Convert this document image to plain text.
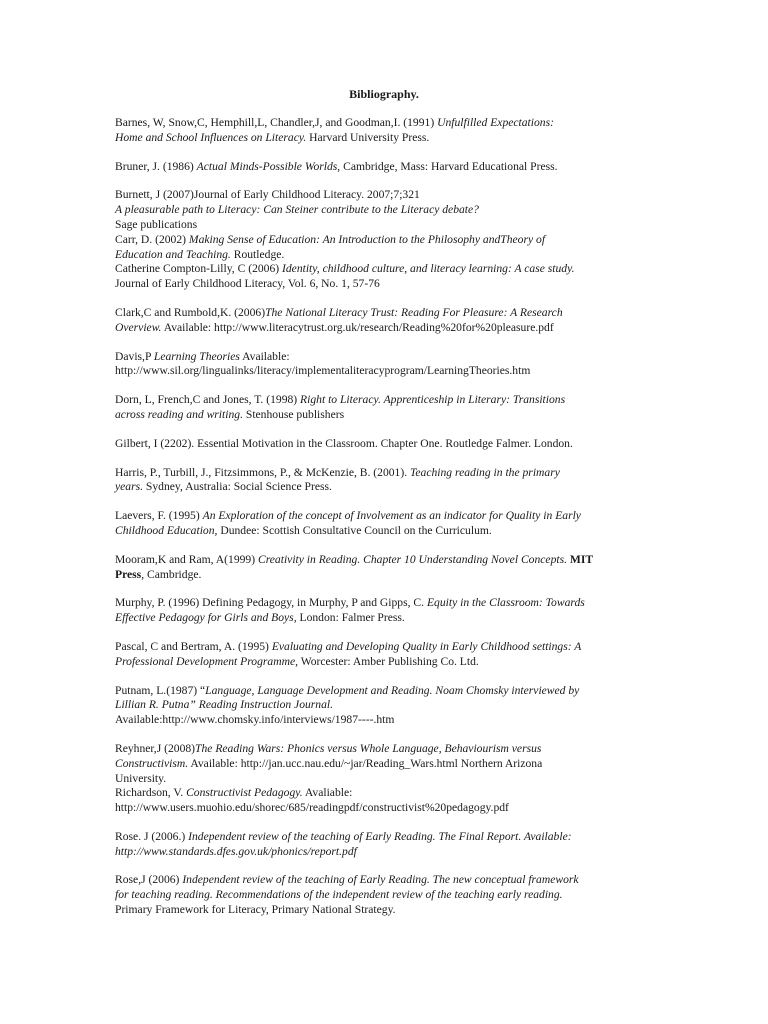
Bibliography.
Barnes, W, Snow,C, Hemphill,L, Chandler,J, and Goodman,I. (1991) Unfulfilled Expectations:
Home and School Influences on Literacy. Harvard University Press.
Bruner, J. (1986) Actual Minds-Possible Worlds, Cambridge, Mass: Harvard Educational Press.
Burnett, J (2007)Journal of Early Childhood Literacy. 2007;7;321
A pleasurable path to Literacy: Can Steiner contribute to the Literacy debate?
Sage publications
Carr, D. (2002) Making Sense of Education: An Introduction to the Philosophy andTheory of
Education and Teaching. Routledge.
Catherine Compton-Lilly, C (2006) Identity, childhood culture, and literacy learning: A case study.
Journal of Early Childhood Literacy, Vol. 6, No. 1, 57-76
Clark,C and Rumbold,K. (2006)The National Literacy Trust: Reading For Pleasure: A Research
Overview. Available: http://www.literacytrust.org.uk/research/Reading%20for%20pleasure.pdf
Davis,P Learning Theories Available:
http://www.sil.org/lingualinks/literacy/implementaliteracyprogram/LearningTheories.htm
Dorn, L, French,C and Jones, T. (1998) Right to Literacy. Apprenticeship in Literary: Transitions
across reading and writing. Stenhouse publishers
Gilbert, I (2202). Essential Motivation in the Classroom. Chapter One. Routledge Falmer. London.
Harris, P., Turbill, J., Fitzsimmons, P., & McKenzie, B. (2001). Teaching reading in the primary
years. Sydney, Australia: Social Science Press.
Laevers, F. (1995) An Exploration of the concept of Involvement as an indicator for Quality in Early
Childhood Education, Dundee: Scottish Consultative Council on the Curriculum.
Mooram,K and Ram, A(1999) Creativity in Reading. Chapter 10 Understanding Novel Concepts. MIT
Press, Cambridge.
Murphy, P. (1996) Defining Pedagogy, in Murphy, P and Gipps, C. Equity in the Classroom: Towards
Effective Pedagogy for Girls and Boys, London: Falmer Press.
Pascal, C and Bertram, A. (1995) Evaluating and Developing Quality in Early Childhood settings: A
Professional Development Programme, Worcester: Amber Publishing Co. Ltd.
Putnam, L.(1987) “Language, Language Development and Reading. Noam Chomsky interviewed by
Lillian R. Putna” Reading Instruction Journal.
Available:http://www.chomsky.info/interviews/1987----.htm
Reyhner,J (2008)The Reading Wars: Phonics versus Whole Language, Behaviourism versus
Constructivism. Available: http://jan.ucc.nau.edu/~jar/Reading_Wars.html Northern Arizona
University.
Richardson, V. Constructivist Pedagogy. Avaliable:
http://www.users.muohio.edu/shorec/685/readingpdf/constructivist%20pedagogy.pdf
Rose. J (2006.) Independent review of the teaching of Early Reading. The Final Report. Available:
http://www.standards.dfes.gov.uk/phonics/report.pdf
Rose,J (2006) Independent review of the teaching of Early Reading. The new conceptual framework
for teaching reading. Recommendations of the independent review of the teaching early reading.
Primary Framework for Literacy, Primary National Strategy.
